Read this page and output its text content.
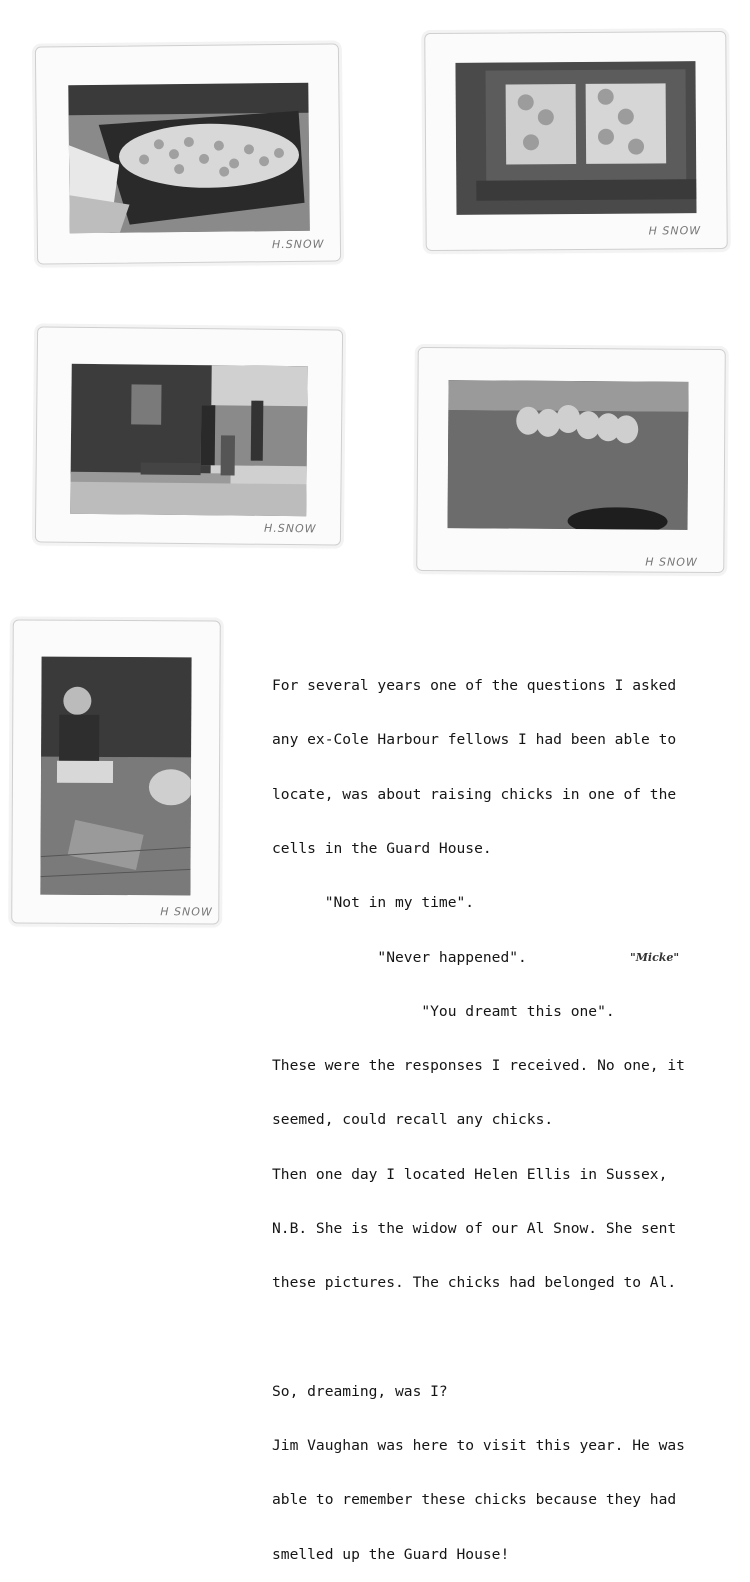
H.SNOW
H SNOW
H.SNOW
H SNOW
H SNOW

For several years one of the questions I asked

any ex-Cole Harbour fellows I had been able to

locate, was about raising chicks in one of the

cells in the Guard House.

"Not in my time".

"Never happened".

"You dreamt this one".

These were the responses I received. No one, it

seemed, could recall any chicks.

Then one day I located Helen Ellis in Sussex,

N.B. She is the widow of our Al Snow. She sent

these pictures. The chicks had belonged to Al.

So, dreaming, was I?

Jim Vaughan was here to visit this year. He was

able to remember these chicks because they had

smelled up the Guard House!

"Micke"
